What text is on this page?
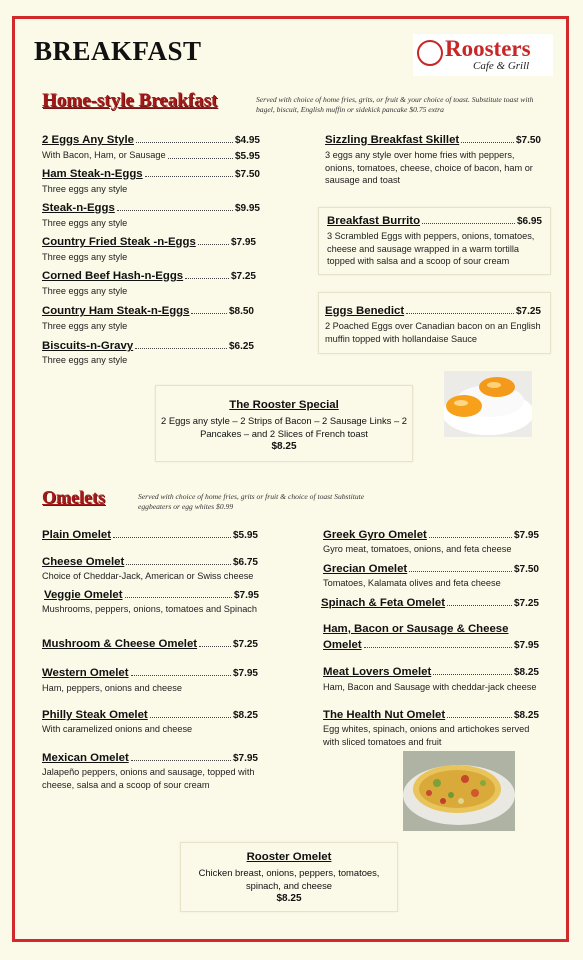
BREAKFAST	Roosters
Cafe & Grill
Home-style Breakfast	Served with choice of home fries, grits, or fruit & your choice of toast. Substitute toast with bagel, biscuit, English muffin or sidekick pancake $0.75 extra
2 Eggs Any Style	$4.95
With Bacon, Ham, or Sausage	$5.95
Ham Steak-n-Eggs	$7.50
Three eggs any style
Steak-n-Eggs	$9.95
Three eggs any style
Country Fried Steak -n-Eggs	$7.95
Three eggs any style
Corned Beef Hash-n-Eggs	$7.25
Three eggs any style
Country Ham Steak-n-Eggs	$8.50
Three eggs any style
Biscuits-n-Gravy	$6.25
Three eggs any style
Sizzling Breakfast Skillet	$7.50
3 eggs any style over home fries with peppers, onions, tomatoes, cheese, choice of bacon, ham or sausage and toast
Breakfast Burrito	$6.95
3 Scrambled Eggs with peppers, onions, tomatoes, cheese and sausage wrapped in a warm tortilla topped with salsa and a scoop of sour cream
Eggs Benedict	$7.25
2 Poached Eggs over Canadian bacon on an English muffin topped with hollandaise Sauce
The Rooster Special
2 Eggs any style – 2 Strips of Bacon – 2 Sausage Links – 2 Pancakes – and 2 Slices of French toast
$8.25
Omelets	Served with choice of home fries, grits or fruit & choice of toast Substitute eggbeaters or egg whites $0.99
Plain Omelet	$5.95
Cheese Omelet	$6.75
Choice of Cheddar-Jack, American or Swiss cheese
Veggie Omelet	$7.95
Mushrooms, peppers, onions, tomatoes and Spinach
Mushroom & Cheese Omelet	$7.25
Western Omelet	$7.95
Ham, peppers, onions and cheese
Philly Steak Omelet	$8.25
With caramelized onions and cheese
Mexican Omelet	$7.95
Jalapeño peppers, onions and sausage, topped with cheese, salsa and a scoop of sour cream
Greek Gyro Omelet	$7.95
Gyro meat, tomatoes, onions, and feta cheese
Grecian Omelet	$7.50
Tomatoes, Kalamata olives and feta cheese
Spinach & Feta Omelet	$7.25
Ham, Bacon or Sausage & Cheese
Omelet	$7.95
Meat Lovers Omelet	$8.25
Ham, Bacon and Sausage with cheddar-jack cheese
The Health Nut Omelet	$8.25
Egg whites, spinach, onions and artichokes served with sliced tomatoes and fruit
Rooster Omelet
Chicken breast, onions, peppers, tomatoes, spinach, and cheese
$8.25
